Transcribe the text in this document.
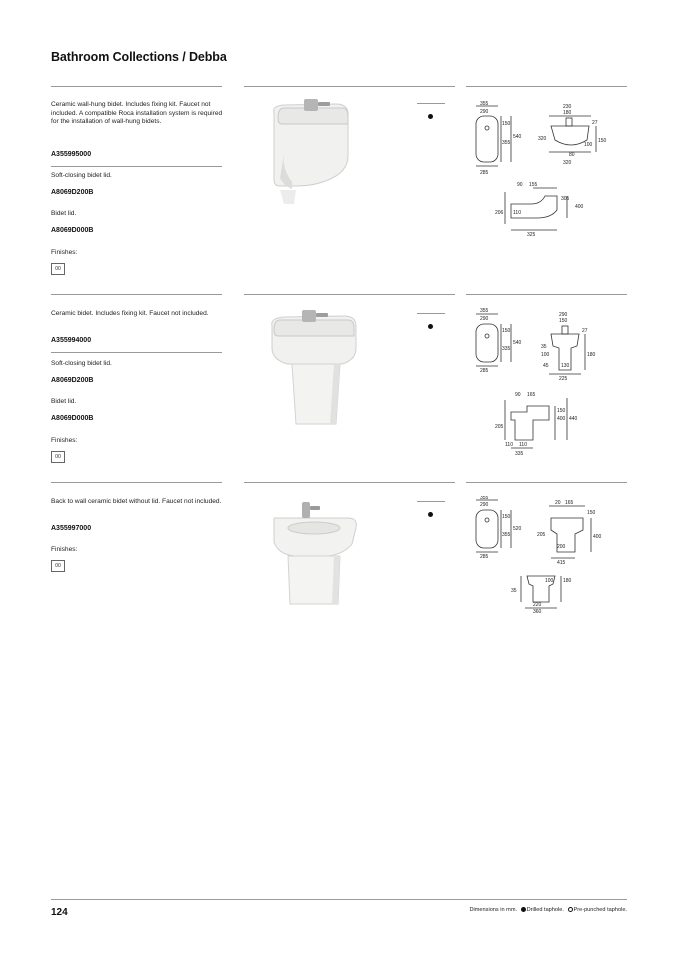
Bathroom Collections / Debba
Ceramic wall-hung bidet. Includes fixing kit. Faucet not included. A compatible Roca installation system is required for the installation of wall-hung bidets.
A355995000
Soft-closing bidet lid.
A8069D200B
Bidet lid.
A8069D000B
Finishes:
00
355
290
150
540
355
285
230
180
27
320
100
150
80
320
90 155
305
400
206 110
325
Ceramic bidet. Includes fixing kit. Faucet not included.
A355994000
Soft-closing bidet lid.
A8069D200B
Bidet lid.
A8069D000B
Finishes:
00
355
290
150
540
335
285
290
150
27
35
100	180
45 130
225
90 165
150
400 440
205
110 110
335
Back to wall ceramic bidet without lid. Faucet not included.
A355997000
Finishes:
00
355
290
150
520
355
285
20 165
150
400
205
200
415
100 180
35
220
360
124	Dimensions in mm. Drilled taphole. Pre-punched taphole.
